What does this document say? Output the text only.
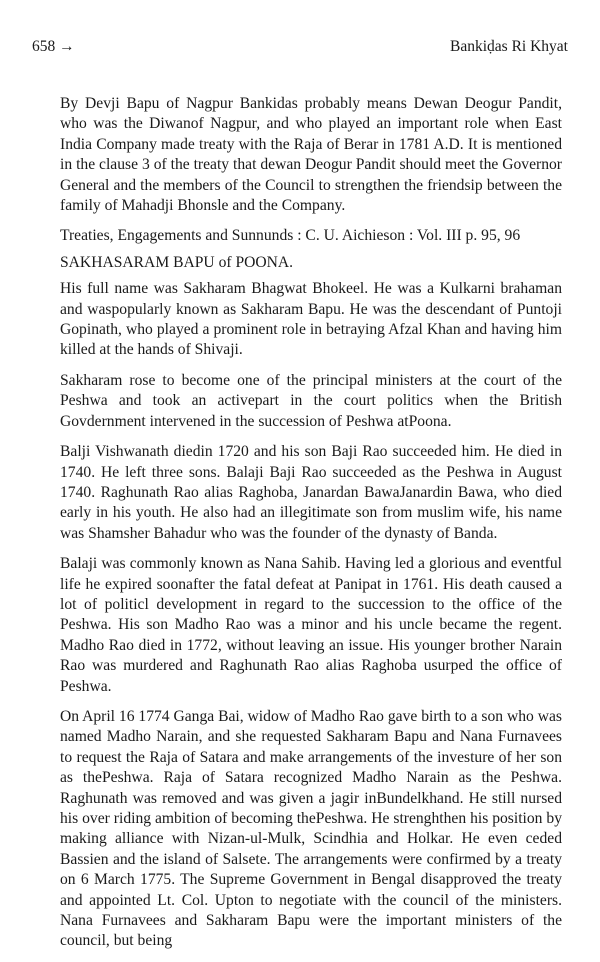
658 →	Bankiḍas Ri Khyat

By Devji Bapu of Nagpur Bankidas probably means Dewan Deogur Pandit, who was the Diwanof Nagpur, and who played an important role when East India Company made treaty with the Raja of Berar in 1781 A.D. It is mentioned in the clause 3 of the treaty that dewan Deogur Pandit should meet the Governor General and the members of the Council to strengthen the friendsip between the family of Mahadji Bhonsle and the Company.

Treaties, Engagements and Sunnunds : C. U. Aichieson : Vol. III p. 95, 96

SAKHASARAM BAPU of POONA.

His full name was Sakharam Bhagwat Bhokeel. He was a Kulkarni brahaman and waspopularly known as Sakharam Bapu. He was the descendant of Puntoji Gopinath, who played a prominent role in betraying Afzal Khan and having him killed at the hands of Shivaji.

Sakharam rose to become one of the principal ministers at the court of the Peshwa and took an activepart in the court politics when the British Govdernment intervened in the succession of Peshwa atPoona.

Balji Vishwanath diedin 1720 and his son Baji Rao succeeded him. He died in 1740. He left three sons. Balaji Baji Rao succeeded as the Peshwa in August 1740. Raghunath Rao alias Raghoba, Janardan BawaJanardin Bawa, who died early in his youth. He also had an illegitimate son from muslim wife, his name was Shamsher Bahadur who was the founder of the dynasty of Banda.

Balaji was commonly known as Nana Sahib. Having led a glorious and eventful life he expired soonafter the fatal defeat at Panipat in 1761. His death caused a lot of politicl development in regard to the succession to the office of the Peshwa. His son Madho Rao was a minor and his uncle became the regent. Madho Rao died in 1772, without leaving an issue. His younger brother Narain Rao was murdered and Raghunath Rao alias Raghoba usurped the office of Peshwa.

On April 16 1774 Ganga Bai, widow of Madho Rao gave birth to a son who was named Madho Narain, and she requested Sakharam Bapu and Nana Furnavees to request the Raja of Satara and make arrangements of the investure of her son as thePeshwa. Raja of Satara recognized Madho Narain as the Peshwa. Raghunath was removed and was given a jagir inBundelkhand. He still nursed his over riding ambition of becoming thePeshwa. He strenghthen his position by making alliance with Nizan-ul-Mulk, Scindhia and Holkar. He even ceded Bassien and the island of Salsete. The arrangements were confirmed by a treaty on 6 March 1775. The Supreme Government in Bengal disapproved the treaty and appointed Lt. Col. Upton to negotiate with the council of the ministers. Nana Furnavees and Sakharam Bapu were the important ministers of the council, but being
